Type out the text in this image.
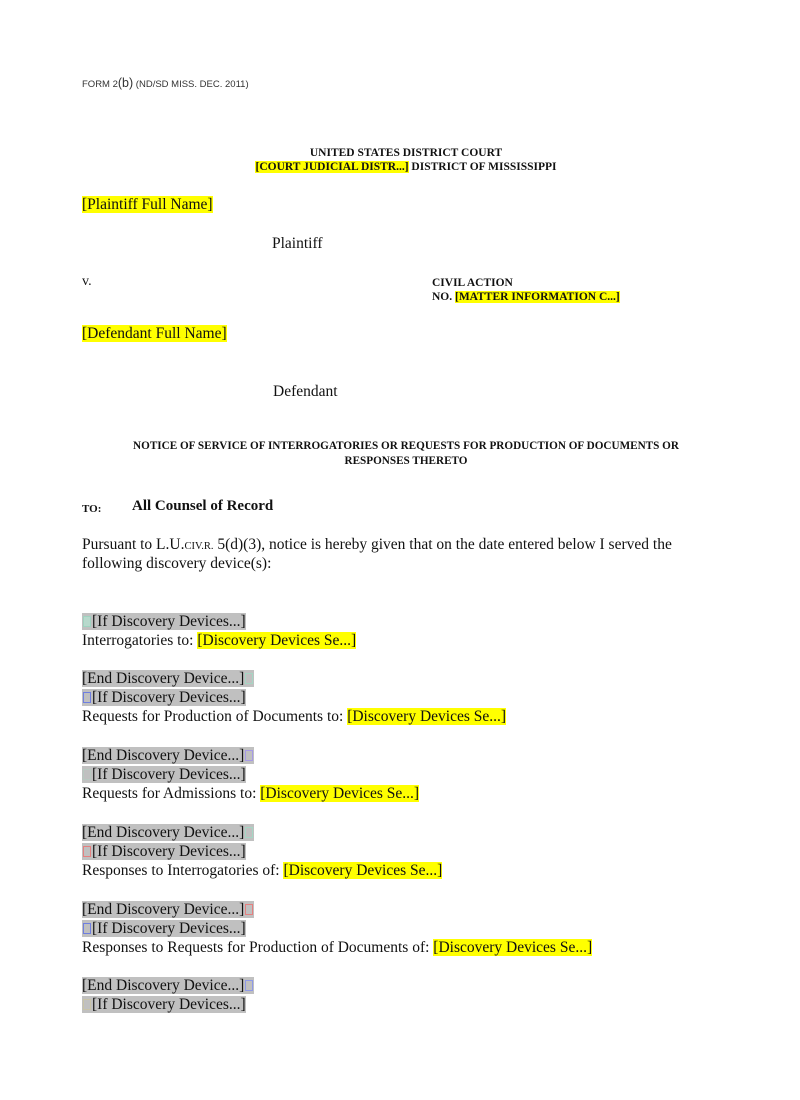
FORM 2(b) (ND/SD MISS. DEC. 2011)
UNITED STATES DISTRICT COURT
[COURT JUDICIAL DISTR...] DISTRICT OF MISSISSIPPI
[Plaintiff Full Name]
Plaintiff
v.	CIVIL ACTION
NO. [MATTER INFORMATION C...]
[Defendant Full Name]
Defendant
NOTICE OF SERVICE OF INTERROGATORIES OR REQUESTS FOR PRODUCTION OF DOCUMENTS OR
RESPONSES THERETO
TO: All Counsel of Record
Pursuant to L.U.CIV.R. 5(d)(3), notice is hereby given that on the date entered below I served the
following discovery device(s):
[If Discovery Devices...]
Interrogatories to: [Discovery Devices Se...]
[End Discovery Device...]
[If Discovery Devices...]
Requests for Production of Documents to: [Discovery Devices Se...]
[End Discovery Device...]
[If Discovery Devices...]
Requests for Admissions to: [Discovery Devices Se...]
[End Discovery Device...]
[If Discovery Devices...]
Responses to Interrogatories of: [Discovery Devices Se...]
[End Discovery Device...]
[If Discovery Devices...]
Responses to Requests for Production of Documents of: [Discovery Devices Se...]
[End Discovery Device...]
[If Discovery Devices...]
